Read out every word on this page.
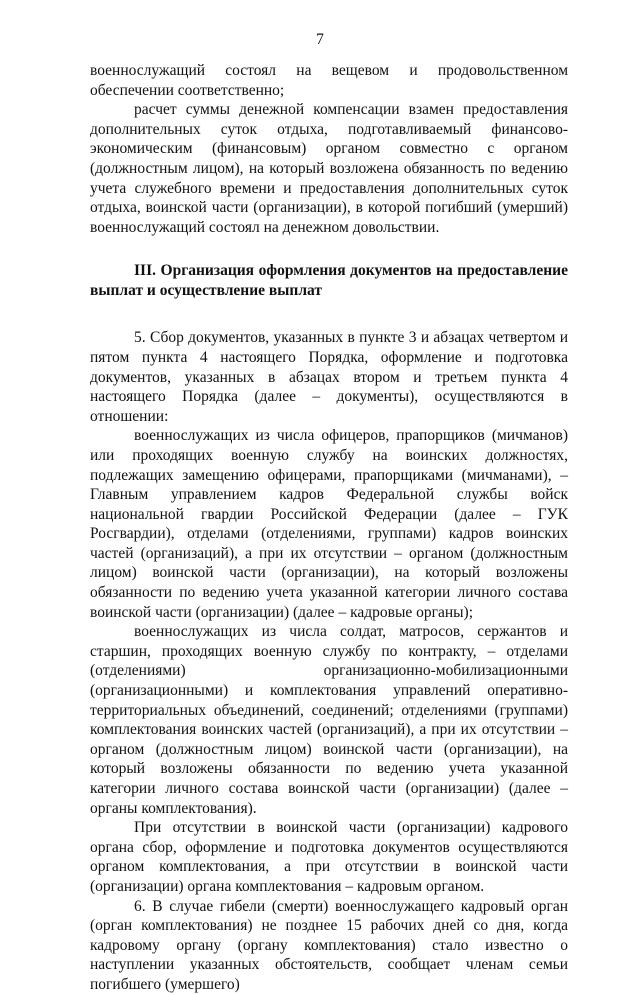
7

военнослужащий состоял на вещевом и продовольственном обеспечении соответственно;

расчет суммы денежной компенсации взамен предоставления дополнительных суток отдыха, подготавливаемый финансово-экономическим (финансовым) органом совместно с органом (должностным лицом), на который возложена обязанность по ведению учета служебного времени и предоставления дополнительных суток отдыха, воинской части (организации), в которой погибший (умерший) военнослужащий состоял на денежном довольствии.

III. Организация оформления документов на предоставление выплат и осуществление выплат

5. Сбор документов, указанных в пункте 3 и абзацах четвертом и пятом пункта 4 настоящего Порядка, оформление и подготовка документов, указанных в абзацах втором и третьем пункта 4 настоящего Порядка (далее – документы), осуществляются в отношении:

военнослужащих из числа офицеров, прапорщиков (мичманов) или проходящих военную службу на воинских должностях, подлежащих замещению офицерами, прапорщиками (мичманами), – Главным управлением кадров Федеральной службы войск национальной гвардии Российской Федерации (далее – ГУК Росгвардии), отделами (отделениями, группами) кадров воинских частей (организаций), а при их отсутствии – органом (должностным лицом) воинской части (организации), на который возложены обязанности по ведению учета указанной категории личного состава воинской части (организации) (далее – кадровые органы);

военнослужащих из числа солдат, матросов, сержантов и старшин, проходящих военную службу по контракту, – отделами (отделениями) организационно-мобилизационными (организационными) и комплектования управлений оперативно-территориальных объединений, соединений; отделениями (группами) комплектования воинских частей (организаций), а при их отсутствии – органом (должностным лицом) воинской части (организации), на который возложены обязанности по ведению учета указанной категории личного состава воинской части (организации) (далее – органы комплектования).

При отсутствии в воинской части (организации) кадрового органа сбор, оформление и подготовка документов осуществляются органом комплектования, а при отсутствии в воинской части (организации) органа комплектования – кадровым органом.

6. В случае гибели (смерти) военнослужащего кадровый орган (орган комплектования) не позднее 15 рабочих дней со дня, когда кадровому органу (органу комплектования) стало известно о наступлении указанных обстоятельств, сообщает членам семьи погибшего (умершего)
